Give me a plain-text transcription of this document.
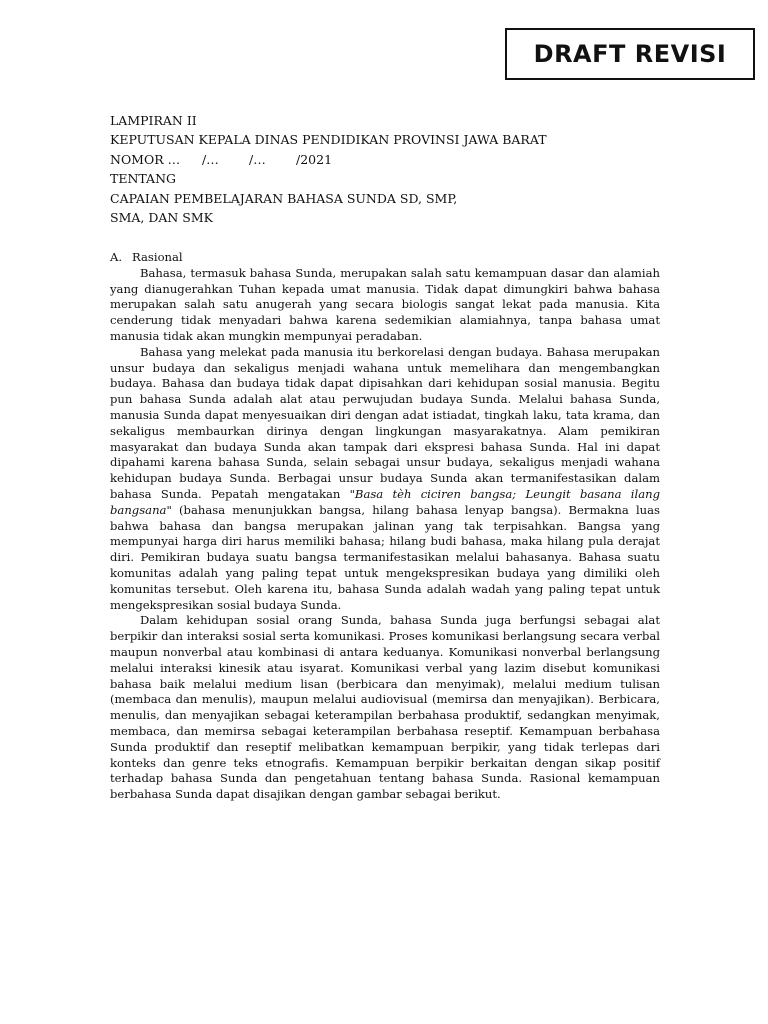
DRAFT REVISI
LAMPIRAN II
KEPUTUSAN KEPALA DINAS PENDIDIKAN PROVINSI JAWA BARAT
NOMOR … /… /… /2021
TENTANG
CAPAIAN PEMBELAJARAN BAHASA SUNDA SD, SMP,
SMA, DAN SMK
A. Rasional

Bahasa, termasuk bahasa Sunda, merupakan salah satu kemampuan dasar dan alamiah yang dianugerahkan Tuhan kepada umat manusia. Tidak dapat dimungkiri bahwa bahasa merupakan salah satu anugerah yang secara biologis sangat lekat pada manusia. Kita cenderung tidak menyadari bahwa karena sedemikian alamiahnya, tanpa bahasa umat manusia tidak akan mungkin mempunyai peradaban.

Bahasa yang melekat pada manusia itu berkorelasi dengan budaya. Bahasa merupakan unsur budaya dan sekaligus menjadi wahana untuk memelihara dan mengembangkan budaya. Bahasa dan budaya tidak dapat dipisahkan dari kehidupan sosial manusia. Begitu pun bahasa Sunda adalah alat atau perwujudan budaya Sunda. Melalui bahasa Sunda, manusia Sunda dapat menyesuaikan diri dengan adat istiadat, tingkah laku, tata krama, dan sekaligus membaurkan dirinya dengan lingkungan masyarakatnya. Alam pemikiran masyarakat dan budaya Sunda akan tampak dari ekspresi bahasa Sunda. Hal ini dapat dipahami karena bahasa Sunda, selain sebagai unsur budaya, sekaligus menjadi wahana kehidupan budaya Sunda. Berbagai unsur budaya Sunda akan termanifestasikan dalam bahasa Sunda. Pepatah mengatakan "Basa tèh ciciren bangsa; Leungit basana ilang bangsana" (bahasa menunjukkan bangsa, hilang bahasa lenyap bangsa). Bermakna luas bahwa bahasa dan bangsa merupakan jalinan yang tak terpisahkan. Bangsa yang mempunyai harga diri harus memiliki bahasa; hilang budi bahasa, maka hilang pula derajat diri. Pemikiran budaya suatu bangsa termanifestasikan melalui bahasanya. Bahasa suatu komunitas adalah yang paling tepat untuk mengekspresikan budaya yang dimiliki oleh komunitas tersebut. Oleh karena itu, bahasa Sunda adalah wadah yang paling tepat untuk mengekspresikan sosial budaya Sunda.

Dalam kehidupan sosial orang Sunda, bahasa Sunda juga berfungsi sebagai alat berpikir dan interaksi sosial serta komunikasi. Proses komunikasi berlangsung secara verbal maupun nonverbal atau kombinasi di antara keduanya. Komunikasi nonverbal berlangsung melalui interaksi kinesik atau isyarat. Komunikasi verbal yang lazim disebut komunikasi bahasa baik melalui medium lisan (berbicara dan menyimak), melalui medium tulisan (membaca dan menulis), maupun melalui audiovisual (memirsa dan menyajikan). Berbicara, menulis, dan menyajikan sebagai keterampilan berbahasa produktif, sedangkan menyimak, membaca, dan memirsa sebagai keterampilan berbahasa reseptif. Kemampuan berbahasa Sunda produktif dan reseptif melibatkan kemampuan berpikir, yang tidak terlepas dari konteks dan genre teks etnografis. Kemampuan berpikir berkaitan dengan sikap positif terhadap bahasa Sunda dan pengetahuan tentang bahasa Sunda. Rasional kemampuan berbahasa Sunda dapat disajikan dengan gambar sebagai berikut.
